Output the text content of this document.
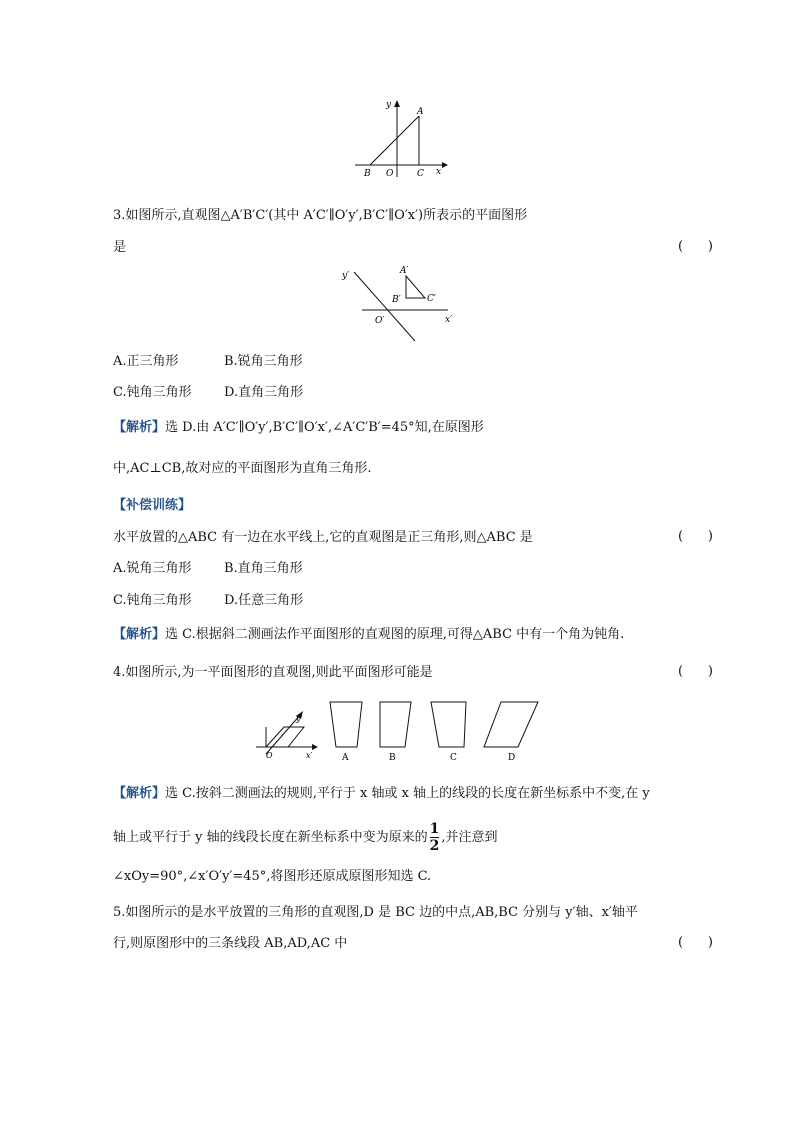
y
A
B O	C x
3.如图所示,直观图△A′B′C′(其中 A′C′∥O′y′,B′C′∥O′x′)所表示的平面图形
是	(      )
y′	A′
B′	C′
O′	x′
A.正三角形	B.锐角三角形
C.钝角三角形 D.直角三角形
【解析】选 D.由 A′C′∥O′y′,B′C′∥O′x′,∠A′C′B′=45°知,在原图形
中,AC⊥CB,故对应的平面图形为直角三角形.
【补偿训练】
水平放置的△ABC 有一边在水平线上,它的直观图是正三角形,则△ABC 是	(      )
A.锐角三角形 B.直角三角形
C.钝角三角形 D.任意三角形
【解析】选 C.根据斜二测画法作平面图形的直观图的原理,可得△ABC 中有一个角为钝角.
4.如图所示,为一平面图形的直观图,则此平面图形可能是	(      )
y′
O	x′	A	B	C	D
【解析】选 C.按斜二测画法的规则,平行于 x 轴或 x 轴上的线段的长度在新坐标系中不变,在 y
轴上或平行于 y 轴的线段长度在新坐标系中变为原来的 $\frac{1}{2}$ ,并注意到
∠xOy=90°,∠x′O′y′=45°,将图形还原成原图形知选 C.
5.如图所示的是水平放置的三角形的直观图,D 是 BC 边的中点,AB,BC 分别与 y′轴、x′轴平
行,则原图形中的三条线段 AB,AD,AC 中	(      )
